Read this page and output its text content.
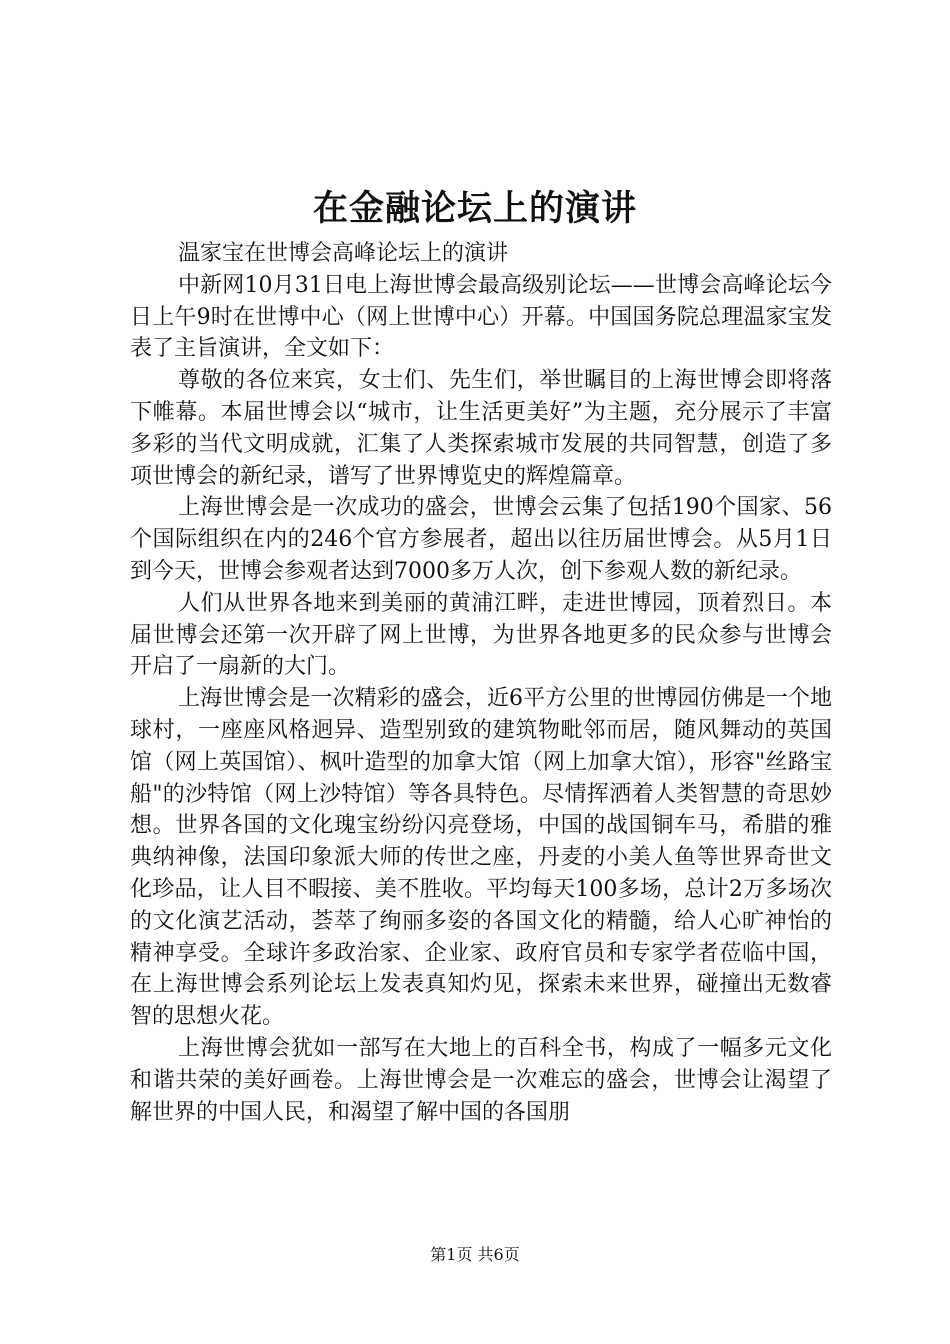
在金融论坛上的演讲

温家宝在世博会高峰论坛上的演讲

中新网10月31日电上海世博会最高级别论坛——世博会高峰论坛今日上午9时在世博中心（网上世博中心）开幕。中国国务院总理温家宝发表了主旨演讲，全文如下：

尊敬的各位来宾，女士们、先生们，举世瞩目的上海世博会即将落下帷幕。本届世博会以“城市，让生活更美好”为主题，充分展示了丰富多彩的当代文明成就，汇集了人类探索城市发展的共同智慧，创造了多项世博会的新纪录，谱写了世界博览史的辉煌篇章。

上海世博会是一次成功的盛会，世博会云集了包括190个国家、56个国际组织在内的246个官方参展者，超出以往历届世博会。从5月1日到今天，世博会参观者达到7000多万人次，创下参观人数的新纪录。

人们从世界各地来到美丽的黄浦江畔，走进世博园，顶着烈日。本届世博会还第一次开辟了网上世博，为世界各地更多的民众参与世博会开启了一扇新的大门。

上海世博会是一次精彩的盛会，近6平方公里的世博园仿佛是一个地球村，一座座风格迥异、造型别致的建筑物毗邻而居，随风舞动的英国馆（网上英国馆）、枫叶造型的加拿大馆（网上加拿大馆），形容"丝路宝船"的沙特馆（网上沙特馆）等各具特色。尽情挥洒着人类智慧的奇思妙想。世界各国的文化瑰宝纷纷闪亮登场，中国的战国铜车马，希腊的雅典纳神像，法国印象派大师的传世之座，丹麦的小美人鱼等世界奇世文化珍品，让人目不暇接、美不胜收。平均每天100多场，总计2万多场次的文化演艺活动，荟萃了绚丽多姿的各国文化的精髓，给人心旷神怡的精神享受。全球许多政治家、企业家、政府官员和专家学者莅临中国，在上海世博会系列论坛上发表真知灼见，探索未来世界，碰撞出无数睿智的思想火花。

上海世博会犹如一部写在大地上的百科全书，构成了一幅多元文化和谐共荣的美好画卷。上海世博会是一次难忘的盛会，世博会让渴望了解世界的中国人民，和渴望了解中国的各国朋

第1页 共6页
